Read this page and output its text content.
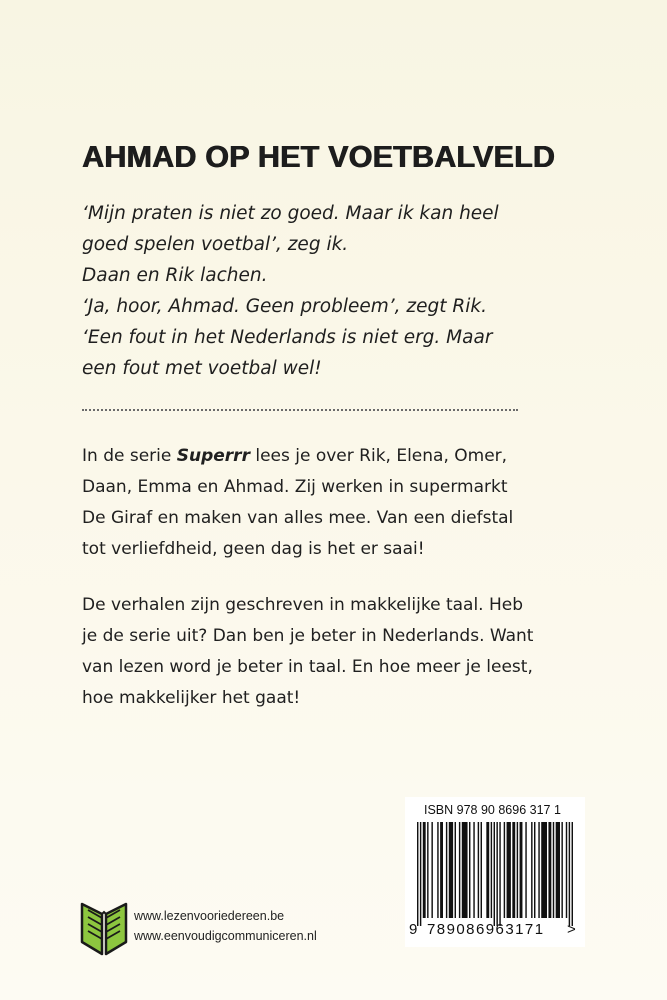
AHMAD OP HET VOETBALVELD
‘Mijn praten is niet zo goed. Maar ik kan heel
goed spelen voetbal’, zeg ik.
Daan en Rik lachen.
‘Ja, hoor, Ahmad. Geen probleem’, zegt Rik.
‘Een fout in het Nederlands is niet erg. Maar
een fout met voetbal wel!
In de serie Superrr lees je over Rik, Elena, Omer,
Daan, Emma en Ahmad. Zij werken in supermarkt
De Giraf en maken van alles mee. Van een diefstal
tot verliefdheid, geen dag is het er saai!
De verhalen zijn geschreven in makkelijke taal. Heb
je de serie uit? Dan ben je beter in Nederlands. Want
van lezen word je beter in taal. En hoe meer je leest,
hoe makkelijker het gaat!
ISBN 978 90 8696 317 1
9 789086963171 >
www.lezenvooriedereen.be
www.eenvoudigcommuniceren.nl
